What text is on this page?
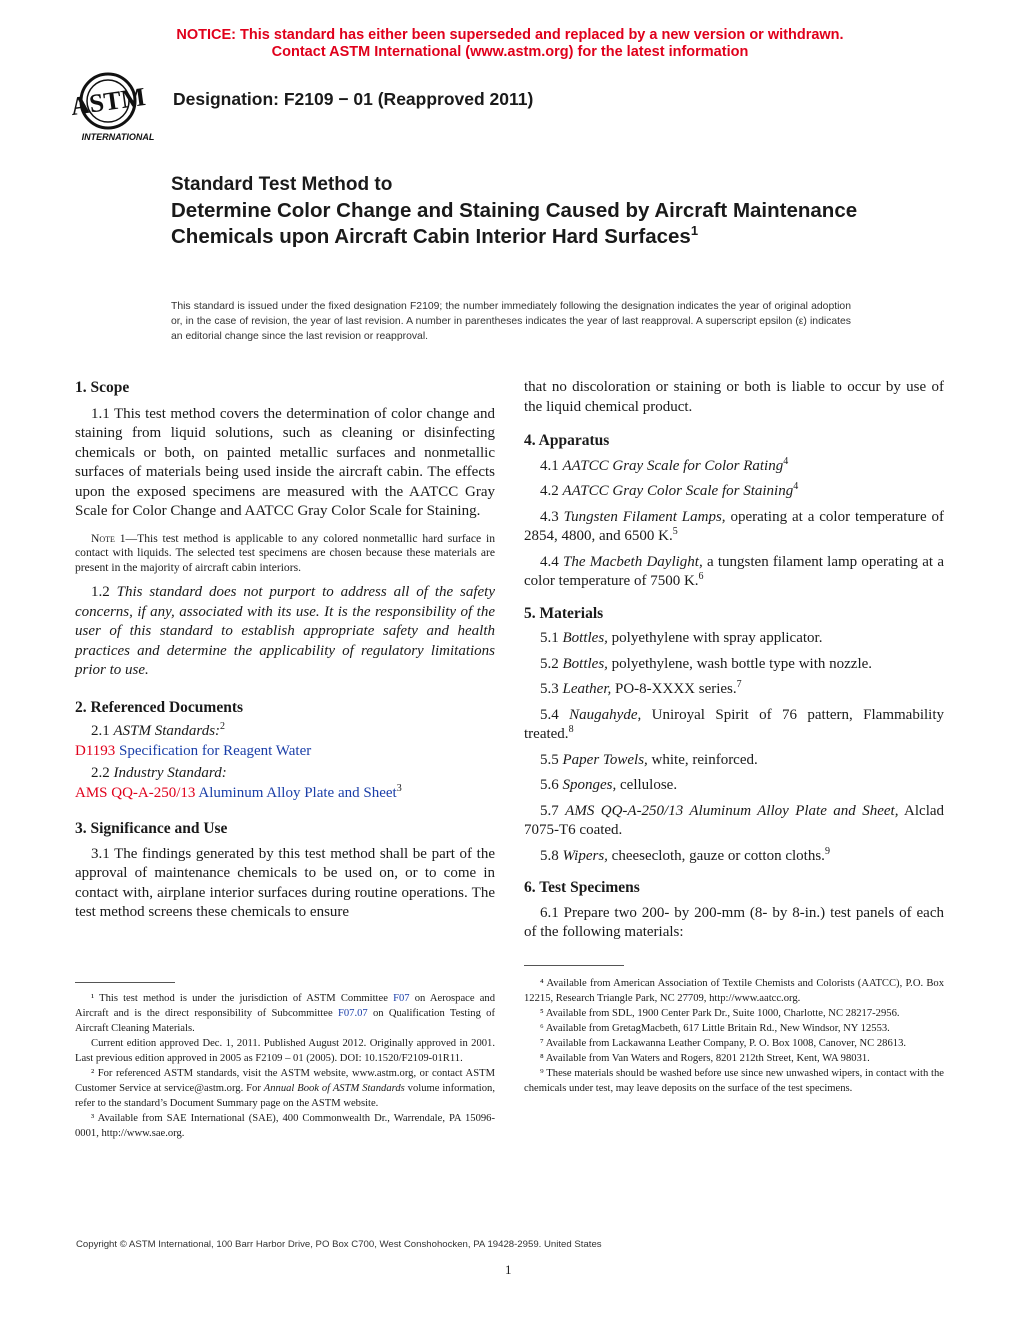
NOTICE: This standard has either been superseded and replaced by a new version or withdrawn.
Contact ASTM International (www.astm.org) for the latest information
ASTM
INTERNATIONAL
Designation: F2109 − 01 (Reapproved 2011)
Standard Test Method to
Determine Color Change and Staining Caused by Aircraft Maintenance Chemicals upon Aircraft Cabin Interior Hard Surfaces$^1$
This standard is issued under the fixed designation F2109; the number immediately following the designation indicates the year of original adoption or, in the case of revision, the year of last revision. A number in parentheses indicates the year of last reapproval. A superscript epsilon (ε) indicates an editorial change since the last revision or reapproval.

1. Scope

1.1 This test method covers the determination of color change and staining from liquid solutions, such as cleaning or disinfecting chemicals or both, on painted metallic surfaces and nonmetallic surfaces of materials being used inside the aircraft cabin. The effects upon the exposed specimens are measured with the AATCC Gray Scale for Color Change and AATCC Gray Color Scale for Staining.

Note 1—This test method is applicable to any colored nonmetallic hard surface in contact with liquids. The selected test specimens are chosen because these materials are present in the majority of aircraft cabin interiors.

1.2 This standard does not purport to address all of the safety concerns, if any, associated with its use. It is the responsibility of the user of this standard to establish appropriate safety and health practices and determine the applicability of regulatory limitations prior to use.

2. Referenced Documents

2.1 ASTM Standards:$^2$

D1193 Specification for Reagent Water

2.2 Industry Standard:

AMS QQ-A-250/13 Aluminum Alloy Plate and Sheet$^3$

3. Significance and Use

3.1 The findings generated by this test method shall be part of the approval of maintenance chemicals to be used on, or to come in contact with, airplane interior surfaces during routine operations. The test method screens these chemicals to ensure

¹ This test method is under the jurisdiction of ASTM Committee F07 on Aerospace and Aircraft and is the direct responsibility of Subcommittee F07.07 on Qualification Testing of Aircraft Cleaning Materials.

Current edition approved Dec. 1, 2011. Published August 2012. Originally approved in 2001. Last previous edition approved in 2005 as F2109 – 01 (2005). DOI: 10.1520/F2109-01R11.

² For referenced ASTM standards, visit the ASTM website, www.astm.org, or contact ASTM Customer Service at service@astm.org. For Annual Book of ASTM Standards volume information, refer to the standard’s Document Summary page on the ASTM website.

³ Available from SAE International (SAE), 400 Commonwealth Dr., Warrendale, PA 15096-0001, http://www.sae.org.

that no discoloration or staining or both is liable to occur by use of the liquid chemical product.

4. Apparatus

4.1 AATCC Gray Scale for Color Rating$^4$

4.2 AATCC Gray Color Scale for Staining$^4$

4.3 Tungsten Filament Lamps, operating at a color temperature of 2854, 4800, and 6500 K.$^5$

4.4 The Macbeth Daylight, a tungsten filament lamp operating at a color temperature of 7500 K.$^6$

5. Materials

5.1 Bottles, polyethylene with spray applicator.

5.2 Bottles, polyethylene, wash bottle type with nozzle.

5.3 Leather, PO-8-XXXX series.$^7$

5.4 Naugahyde, Uniroyal Spirit of 76 pattern, Flammability treated.$^8$

5.5 Paper Towels, white, reinforced.

5.6 Sponges, cellulose.

5.7 AMS QQ-A-250/13 Aluminum Alloy Plate and Sheet, Alclad 7075-T6 coated.

5.8 Wipers, cheesecloth, gauze or cotton cloths.$^9$

6. Test Specimens

6.1 Prepare two 200- by 200-mm (8- by 8-in.) test panels of each of the following materials:

⁴ Available from American Association of Textile Chemists and Colorists (AATCC), P.O. Box 12215, Research Triangle Park, NC 27709, http://www.aatcc.org.

⁵ Available from SDL, 1900 Center Park Dr., Suite 1000, Charlotte, NC 28217-2956.

⁶ Available from GretagMacbeth, 617 Little Britain Rd., New Windsor, NY 12553.

⁷ Available from Lackawanna Leather Company, P. O. Box 1008, Canover, NC 28613.

⁸ Available from Van Waters and Rogers, 8201 212th Street, Kent, WA 98031.

⁹ These materials should be washed before use since new unwashed wipers, in contact with the chemicals under test, may leave deposits on the surface of the test specimens.

Copyright © ASTM International, 100 Barr Harbor Drive, PO Box C700, West Conshohocken, PA 19428-2959. United States
1
